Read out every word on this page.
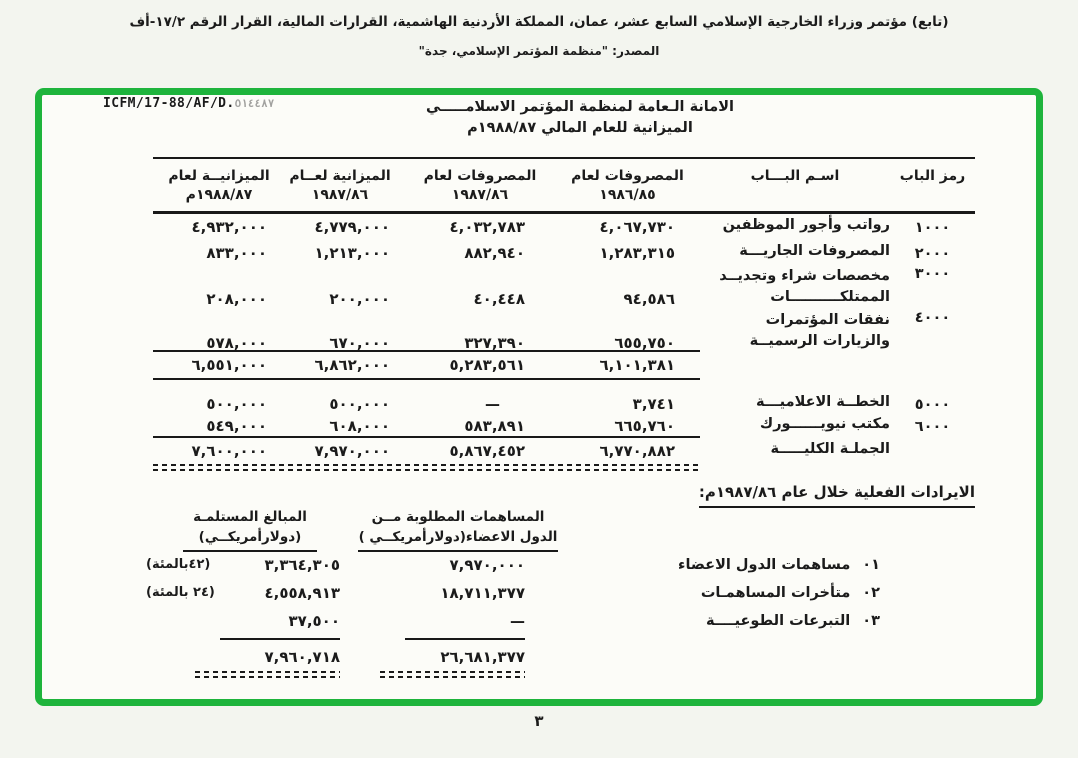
(تابع) مؤتمر وزراء الخارجية الإسلامي السابع عشر، عمان، المملكة الأردنية الهاشمية، القرارات المالية، القرار الرقم ١٧/٢-أف
المصدر: "منظمة المؤتمر الإسلامي، جدة"
ICFM/17-88/AF/D.٥١٤٤٨٧	الامانة الـعامة لمنظمة المؤتمر الاسلامـــــي
الميزانية للعام المالي ١٩٨٨/٨٧م
رمز الباب
اسـم البـــاب
المصروفات لعام
١٩٨٦/٨٥
المصروفات لعام
١٩٨٧/٨٦
الميزانية لعــام
١٩٨٧/٨٦
الميزانيــة لعام
١٩٨٨/٨٧م
١٠٠٠
رواتب وأجور الموظفين
٤,٠٦٧,٧٣٠
٤,٠٣٢,٧٨٣
٤,٧٧٩,٠٠٠
٤,٩٣٢,٠٠٠
٢٠٠٠
المصروفات الجاريـــة
١,٢٨٣,٣١٥
٨٨٢,٩٤٠
١,٢١٣,٠٠٠
٨٣٣,٠٠٠
٣٠٠٠
مخصصات شراء وتجديــد
الممتلكــــــــــات
٩٤,٥٨٦
٤٠,٤٤٨
٢٠٠,٠٠٠
٢٠٨,٠٠٠
٤٠٠٠
نفقات المؤتمرات
والزيارات الرسميــة
٦٥٥,٧٥٠
٣٢٧,٣٩٠
٦٧٠,٠٠٠
٥٧٨,٠٠٠
٦,١٠١,٣٨١
٥,٢٨٣,٥٦١
٦,٨٦٢,٠٠٠
٦,٥٥١,٠٠٠
٥٠٠٠
الخطــة الاعلاميـــة
٣,٧٤١
—
٥٠٠,٠٠٠
٥٠٠,٠٠٠
٦٠٠٠
مكتب نيويــــــورك
٦٦٥,٧٦٠
٥٨٣,٨٩١
٦٠٨,٠٠٠
٥٤٩,٠٠٠
الجملـة الكليـــــة
٦,٧٧٠,٨٨٢
٥,٨٦٧,٤٥٢
٧,٩٧٠,٠٠٠
٧,٦٠٠,٠٠٠
الايرادات الفعلية خلال عام ١٩٨٧/٨٦م:
٠١مساهمات الدول الاعضاء
٠٢متأخرات المساهمـات
٠٣التبرعات الطوعيــــة
المساهمات المطلوبة مــن
الدول الاعضاء(دولارأمريكــي )
المبالغ المستلمـة
(دولارأمريكــي)
٧,٩٧٠,٠٠٠
١٨,٧١١,٣٧٧
—
٢٦,٦٨١,٣٧٧
٣,٣٦٤,٣٠٥
٤,٥٥٨,٩١٣
٣٧,٥٠٠
٧,٩٦٠,٧١٨
(٤٢بالمئة)
(٢٤ بالمئة)
٣
